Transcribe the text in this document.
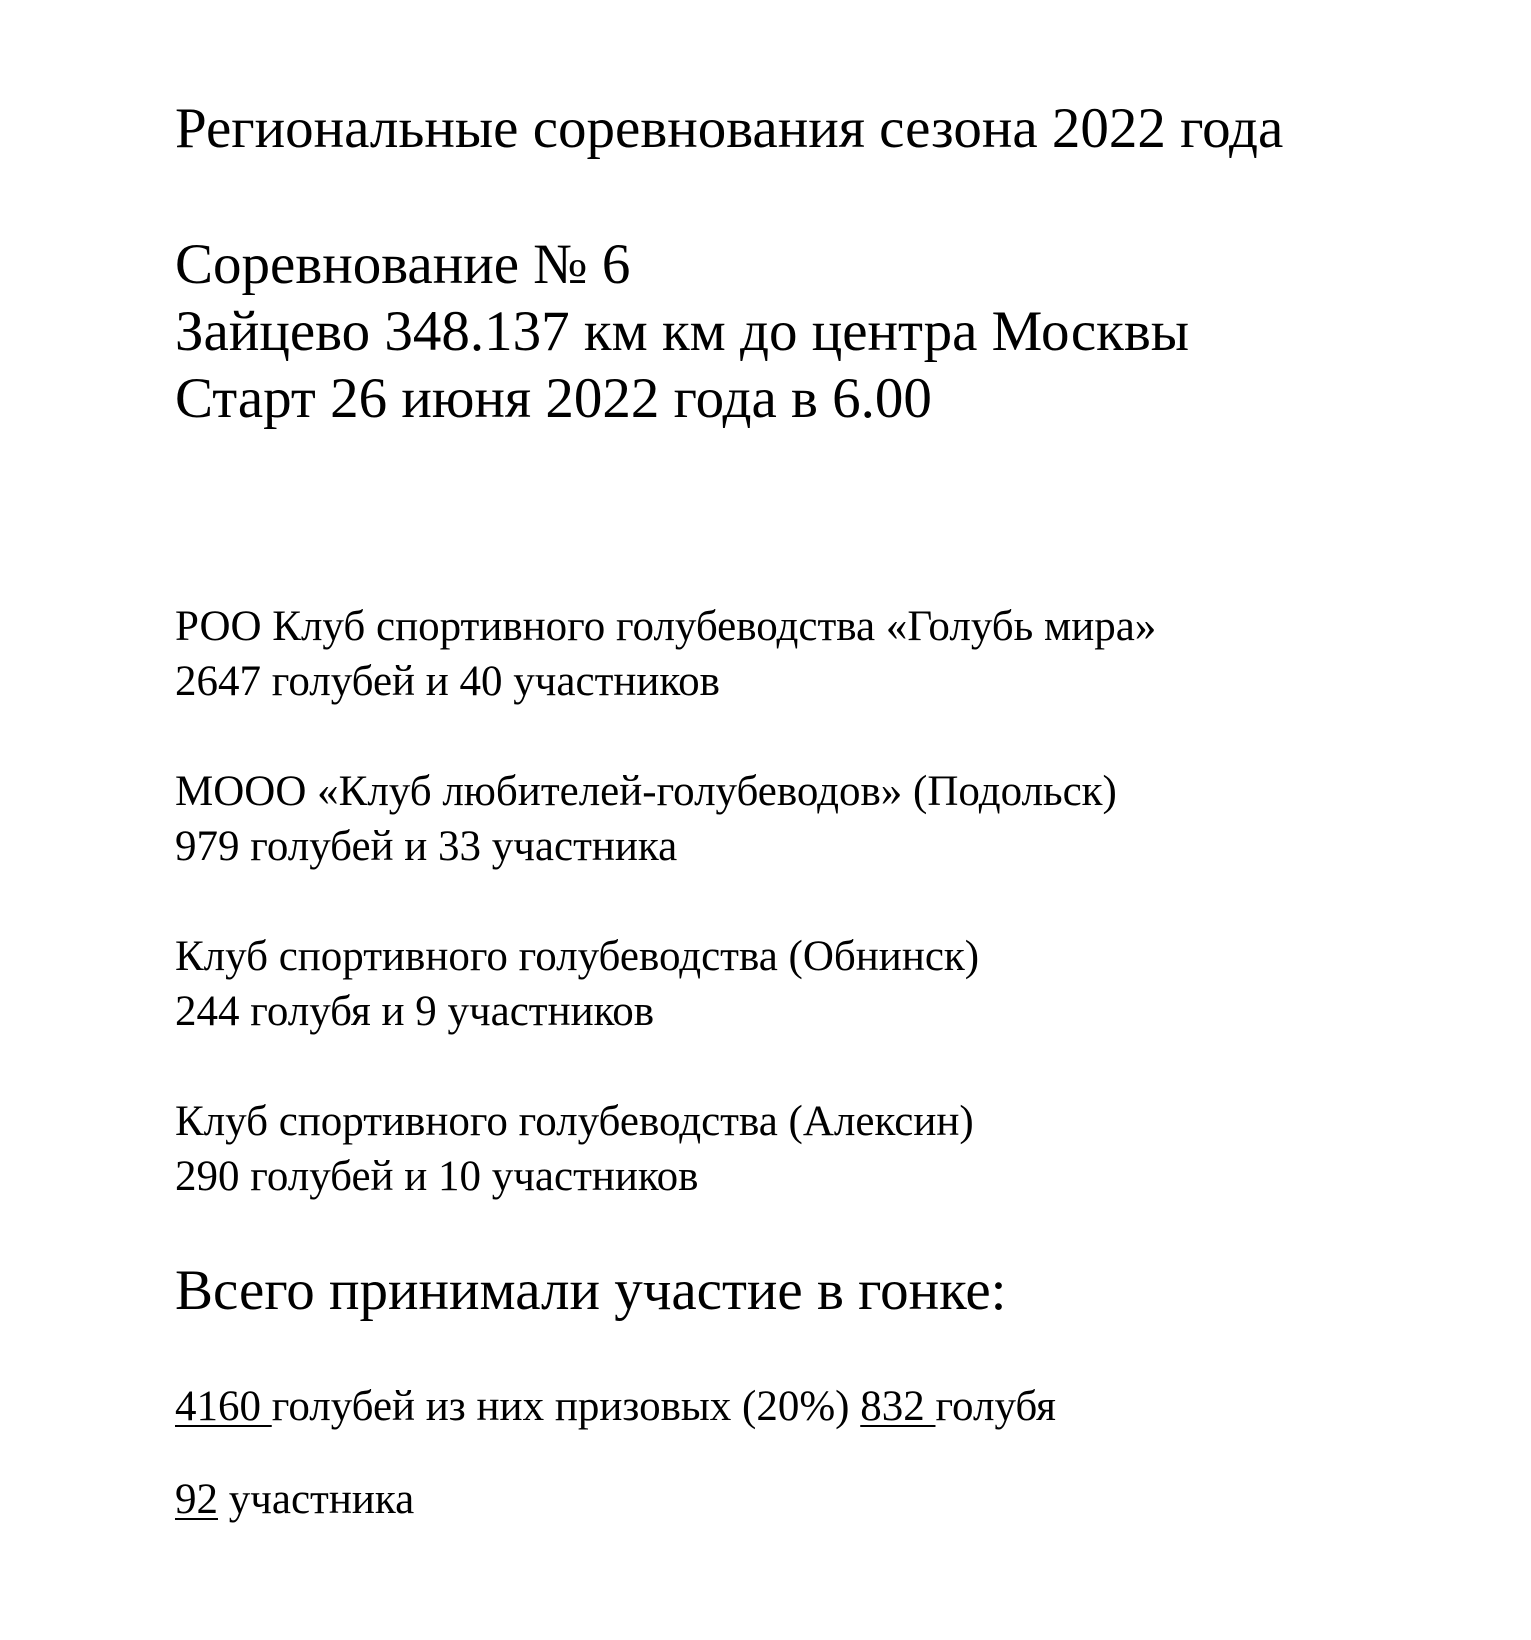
Региональные соревнования сезона 2022 года
Соревнование № 6
Зайцево 348.137 км км до центра Москвы
Старт 26 июня 2022 года в 6.00
РОО Клуб спортивного голубеводства «Голубь мира»
2647 голубей и 40 участников
МООО «Клуб любителей-голубеводов» (Подольск)
979 голубей и 33 участника
Клуб спортивного голубеводства (Обнинск)
244 голубя и 9 участников
Клуб спортивного голубеводства (Алексин)
290 голубей и 10 участников
Всего принимали участие в гонке:
4160 голубей из них призовых (20%) 832 голубя
92 участника
